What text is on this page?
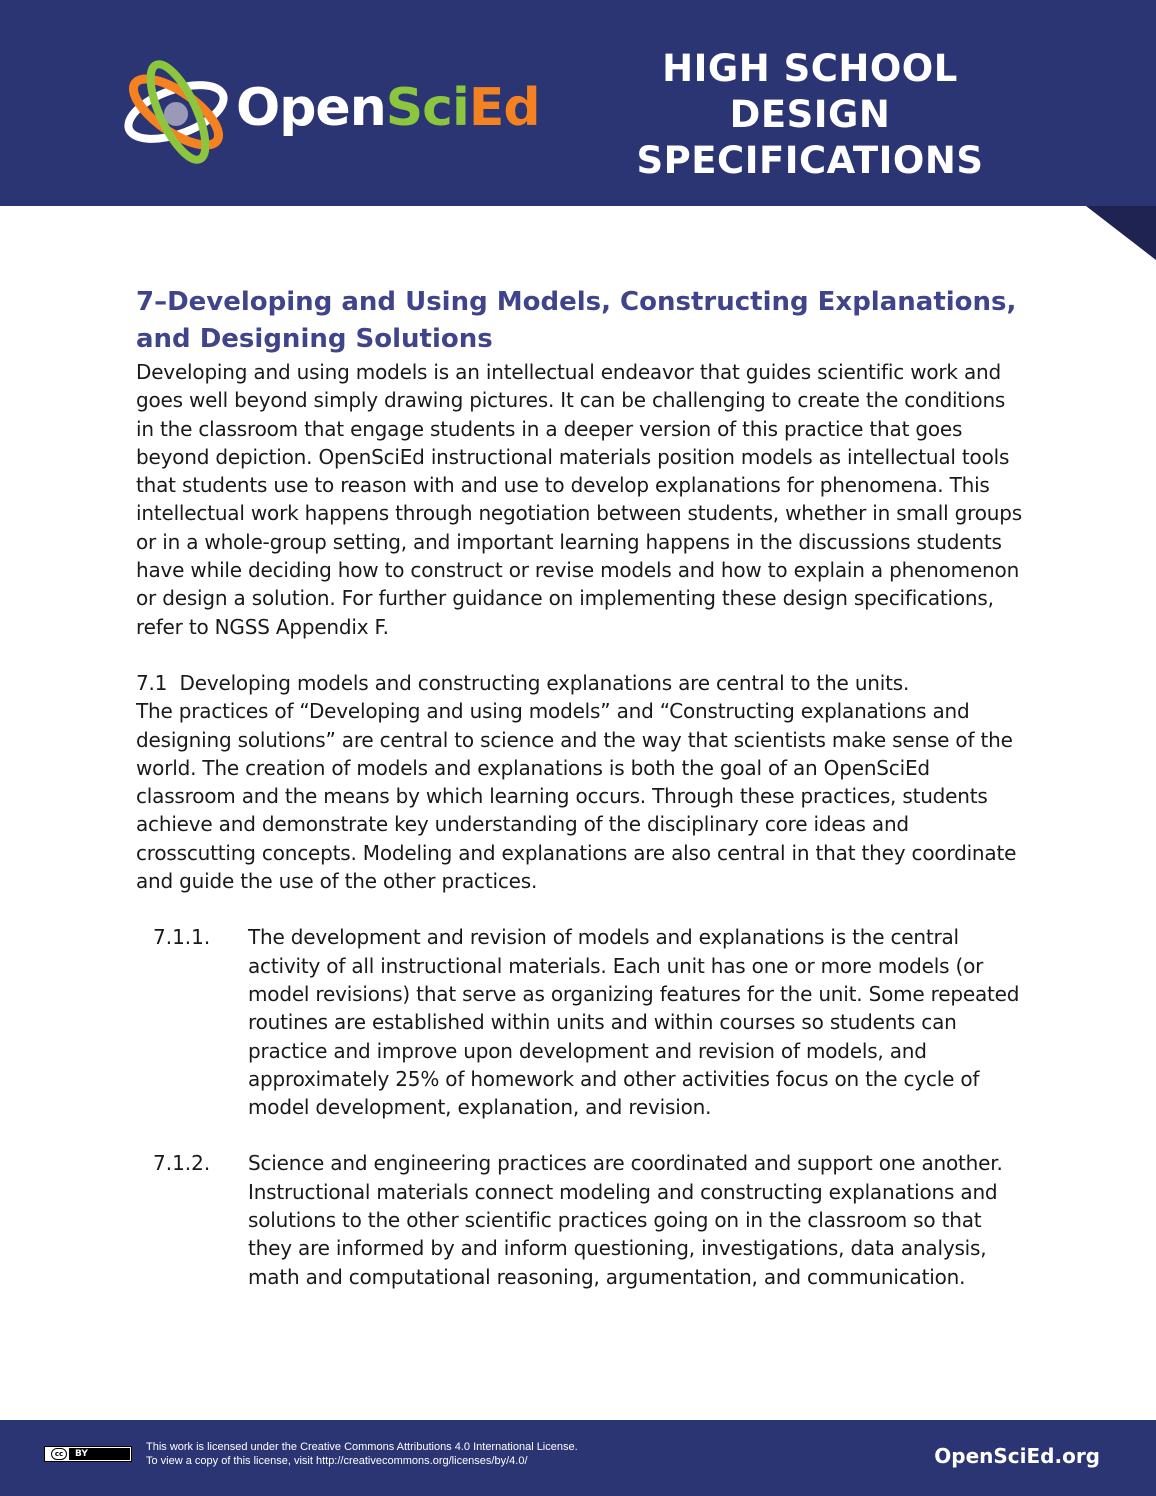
OpenSciEd
HIGH SCHOOL
DESIGN SPECIFICATIONS
7–Developing and Using Models, Constructing Explanations, and Designing Solutions

Developing and using models is an intellectual endeavor that guides scientific work and goes well beyond simply drawing pictures. It can be challenging to create the conditions in the classroom that engage students in a deeper version of this practice that goes beyond depiction. OpenSciEd instructional materials position models as intellectual tools that students use to reason with and use to develop explanations for phenomena. This intellectual work happens through negotiation between students, whether in small groups or in a whole-group setting, and important learning happens in the discussions students have while deciding how to construct or revise models and how to explain a phenomenon or design a solution. For further guidance on implementing these design specifications, refer to NGSS Appendix F.

7.1  Developing models and constructing explanations are central to the units.

The practices of “Developing and using models” and “Constructing explanations and designing solutions” are central to science and the way that scientists make sense of the world. The creation of models and explanations is both the goal of an OpenSciEd classroom and the means by which learning occurs. Through these practices, students achieve and demonstrate key understanding of the disciplinary core ideas and crosscutting concepts. Modeling and explanations are also central in that they coordinate and guide the use of the other practices.

7.1.1.	The development and revision of models and explanations is the central activity of all instructional materials. Each unit has one or more models (or model revisions) that serve as organizing features for the unit. Some repeated routines are established within units and within courses so students can practice and improve upon development and revision of models, and approximately 25% of homework and other activities focus on the cycle of model development, explanation, and revision.

7.1.2.	Science and engineering practices are coordinated and support one another. Instructional materials connect modeling and constructing explanations and solutions to the other scientific practices going on in the classroom so that they are informed by and inform questioning, investigations, data analysis, math and computational reasoning, argumentation, and communication.

cc	BY
This work is licensed under the Creative Commons Attributions 4.0 International License.
To view a copy of this license, visit http://creativecommons.org/licenses/by/4.0/	OpenSciEd.org
